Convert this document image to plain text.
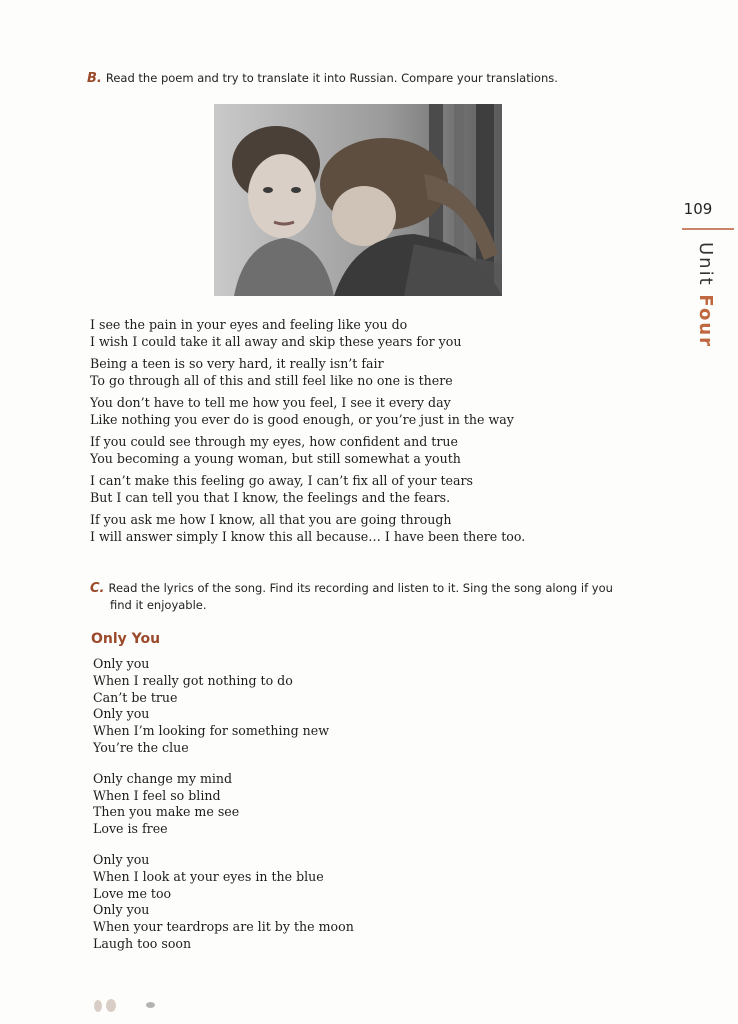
B. Read the poem and try to translate it into Russian. Compare your translations.
109
Unit Four
I see the pain in your eyes and feeling like you do
I wish I could take it all away and skip these years for you
Being a teen is so very hard, it really isn’t fair
To go through all of this and still feel like no one is there
You don’t have to tell me how you feel, I see it every day
Like nothing you ever do is good enough, or you’re just in the way
If you could see through my eyes, how confident and true
You becoming a young woman, but still somewhat a youth
I can’t make this feeling go away, I can’t fix all of your tears
But I can tell you that I know, the feelings and the fears.
If you ask me how I know, all that you are going through
I will answer simply I know this all because… I have been there too.
C. Read the lyrics of the song. Find its recording and listen to it. Sing the song along if you
find it enjoyable.
Only You
Only you
When I really got nothing to do
Can’t be true
Only you
When I’m looking for something new
You’re the clue
Only change my mind
When I feel so blind
Then you make me see
Love is free
Only you
When I look at your eyes in the blue
Love me too
Only you
When your teardrops are lit by the moon
Laugh too soon
